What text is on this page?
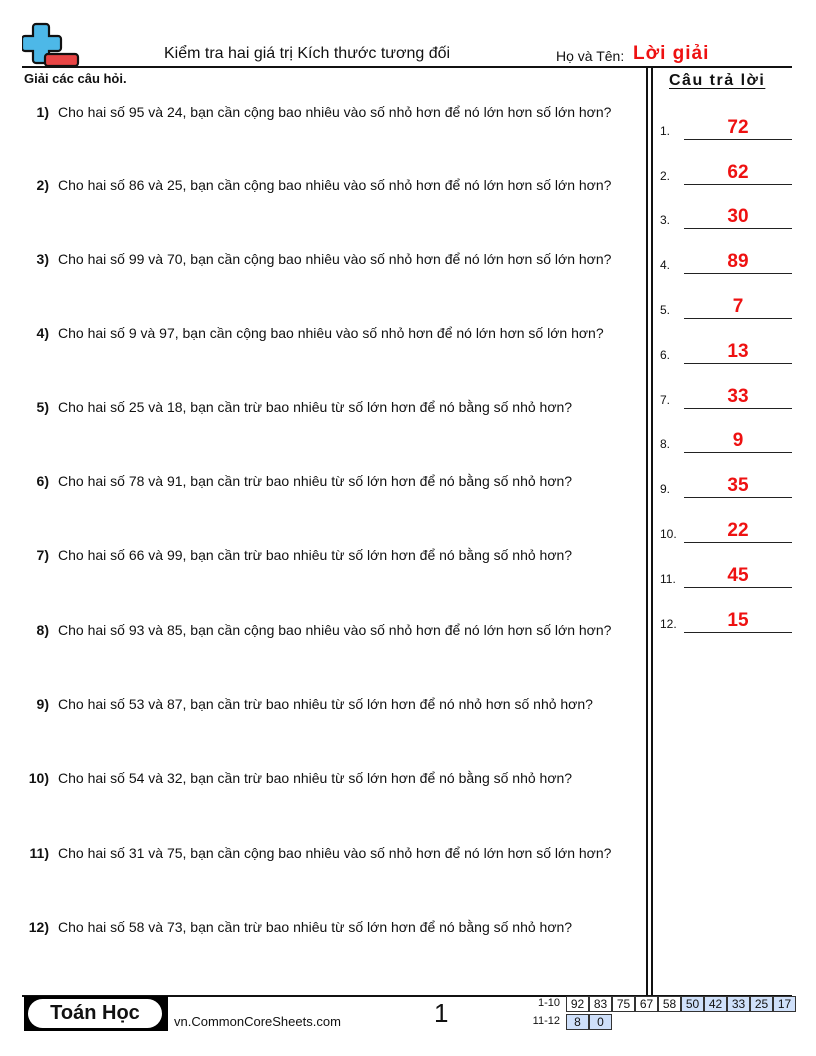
Kiểm tra hai giá trị Kích thước tương đối	Họ và Tên: Lời giải
Giải các câu hỏi.
1) Cho hai số 95 và 24, bạn cần cộng bao nhiêu vào số nhỏ hơn để nó lớn hơn số lớn hơn?
2) Cho hai số 86 và 25, bạn cần cộng bao nhiêu vào số nhỏ hơn để nó lớn hơn số lớn hơn?
3) Cho hai số 99 và 70, bạn cần cộng bao nhiêu vào số nhỏ hơn để nó lớn hơn số lớn hơn?
4) Cho hai số 9 và 97, bạn cần cộng bao nhiêu vào số nhỏ hơn để nó lớn hơn số lớn hơn?
5) Cho hai số 25 và 18, bạn cần trừ bao nhiêu từ số lớn hơn để nó bằng số nhỏ hơn?
6) Cho hai số 78 và 91, bạn cần trừ bao nhiêu từ số lớn hơn để nó bằng số nhỏ hơn?
7) Cho hai số 66 và 99, bạn cần trừ bao nhiêu từ số lớn hơn để nó bằng số nhỏ hơn?
8) Cho hai số 93 và 85, bạn cần cộng bao nhiêu vào số nhỏ hơn để nó lớn hơn số lớn hơn?
9) Cho hai số 53 và 87, bạn cần trừ bao nhiêu từ số lớn hơn để nó nhỏ hơn số nhỏ hơn?
10) Cho hai số 54 và 32, bạn cần trừ bao nhiêu từ số lớn hơn để nó bằng số nhỏ hơn?
11) Cho hai số 31 và 75, bạn cần cộng bao nhiêu vào số nhỏ hơn để nó lớn hơn số lớn hơn?
12) Cho hai số 58 và 73, bạn cần trừ bao nhiêu từ số lớn hơn để nó bằng số nhỏ hơn?
Câu trả lời
1.	72
2.	62
3.	30
4.	89
5.	7
6.	13
7.	33
8.	9
9.	35
10.	22
11.	45
12.	15
Toán Học	vn.CommonCoreSheets.com	1	1-10 92 83 75 67 58 50 42 33 25 17
11-12	8	0
